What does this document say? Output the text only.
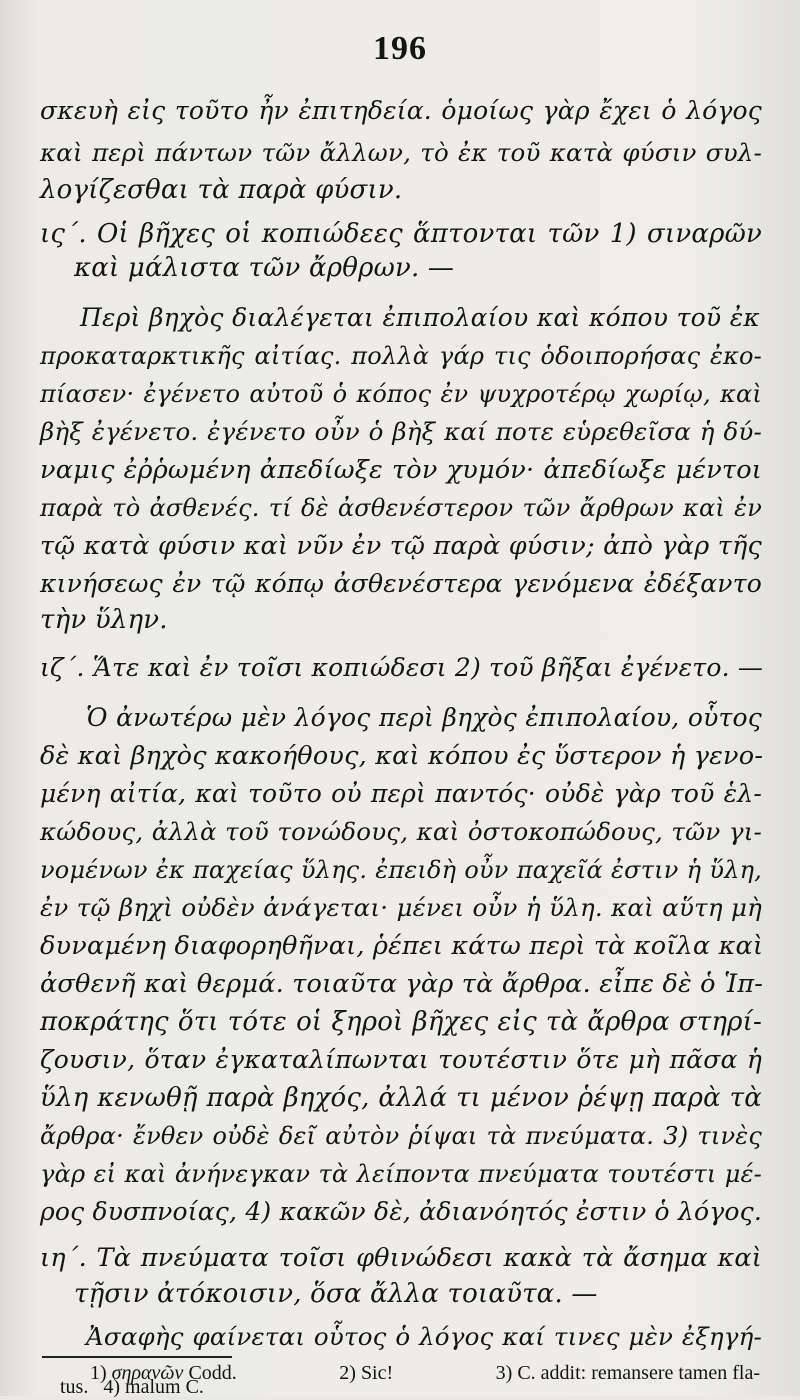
196
σκευὴ εἰς τοῦτο ἦν ἐπιτηδεία. ὁμοίως γὰρ ἔχει ὁ λόγος
καὶ περὶ πάντων τῶν ἄλλων, τὸ ἐκ τοῦ κατὰ φύσιν συλ-
λογίζεσθαι τὰ παρὰ φύσιν.
ις΄. Οἱ βῆχες οἱ κοπιώδεες ἅπτονται τῶν 1) σιναρῶν
καὶ μάλιστα τῶν ἄρθρων. —
Περὶ βηχὸς διαλέγεται ἐπιπολαίου καὶ κόπου τοῦ ἐκ
προκαταρκτικῆς αἰτίας. πολλὰ γάρ τις ὁδοιπορήσας ἐκο-
πίασεν· ἐγένετο αὐτοῦ ὁ κόπος ἐν ψυχροτέρῳ χωρίῳ, καὶ
βὴξ ἐγένετο. ἐγένετο οὖν ὁ βὴξ καί ποτε εὑρεθεῖσα ἡ δύ-
ναμις ἐῤῥωμένη ἀπεδίωξε τὸν χυμόν· ἀπεδίωξε μέντοι
παρὰ τὸ ἀσθενές. τί δὲ ἀσθενέστερον τῶν ἄρθρων καὶ ἐν
τῷ κατὰ φύσιν καὶ νῦν ἐν τῷ παρὰ φύσιν; ἀπὸ γὰρ τῆς
κινήσεως ἐν τῷ κόπῳ ἀσθενέστερα γενόμενα ἐδέξαντο
τὴν ὕλην.
ιζ΄. Ἅτε καὶ ἐν τοῖσι κοπιώδεσι 2) τοῦ βῆξαι ἐγένετο. —
Ὁ ἀνωτέρω μὲν λόγος περὶ βηχὸς ἐπιπολαίου, οὗτος
δὲ καὶ βηχὸς κακοήθους, καὶ κόπου ἐς ὕστερον ἡ γενο-
μένη αἰτία, καὶ τοῦτο οὐ περὶ παντός· οὐδὲ γὰρ τοῦ ἑλ-
κώδους, ἀλλὰ τοῦ τονώδους, καὶ ὀστοκοπώδους, τῶν γι-
νομένων ἐκ παχείας ὕλης. ἐπειδὴ οὖν παχεῖά ἐστιν ἡ ὕλη,
ἐν τῷ βηχὶ οὐδὲν ἀνάγεται· μένει οὖν ἡ ὕλη. καὶ αὕτη μὴ
δυναμένη διαφορηθῆναι, ῥέπει κάτω περὶ τὰ κοῖλα καὶ
ἀσθενῆ καὶ θερμά. τοιαῦτα γὰρ τὰ ἄρθρα. εἶπε δὲ ὁ Ἱπ-
ποκράτης ὅτι τότε οἱ ξηροὶ βῆχες εἰς τὰ ἄρθρα στηρί-
ζουσιν, ὅταν ἐγκαταλίπωνται τουτέστιν ὅτε μὴ πᾶσα ἡ
ὕλη κενωθῇ παρὰ βηχός, ἀλλά τι μένον ῥέψῃ παρὰ τὰ
ἄρθρα· ἔνθεν οὐδὲ δεῖ αὐτὸν ῥίψαι τὰ πνεύματα. 3) τινὲς
γὰρ εἰ καὶ ἀνήνεγκαν τὰ λείποντα πνεύματα τουτέστι μέ-
ρος δυσπνοίας, 4) κακῶν δὲ, ἀδιανόητός ἐστιν ὁ λόγος.
ιη΄. Τὰ πνεύματα τοῖσι φθινώδεσι κακὰ τὰ ἄσημα καὶ
τῇσιν ἀτόκοισιν, ὅσα ἄλλα τοιαῦτα. —
Ἀσαφὴς φαίνεται οὗτος ὁ λόγος καί τινες μὲν ἐξηγή-
1) σηρανῶν Codd.	2) Sic!	3) C. addit: remansere tamen fla-
tus. 4) malum C.
